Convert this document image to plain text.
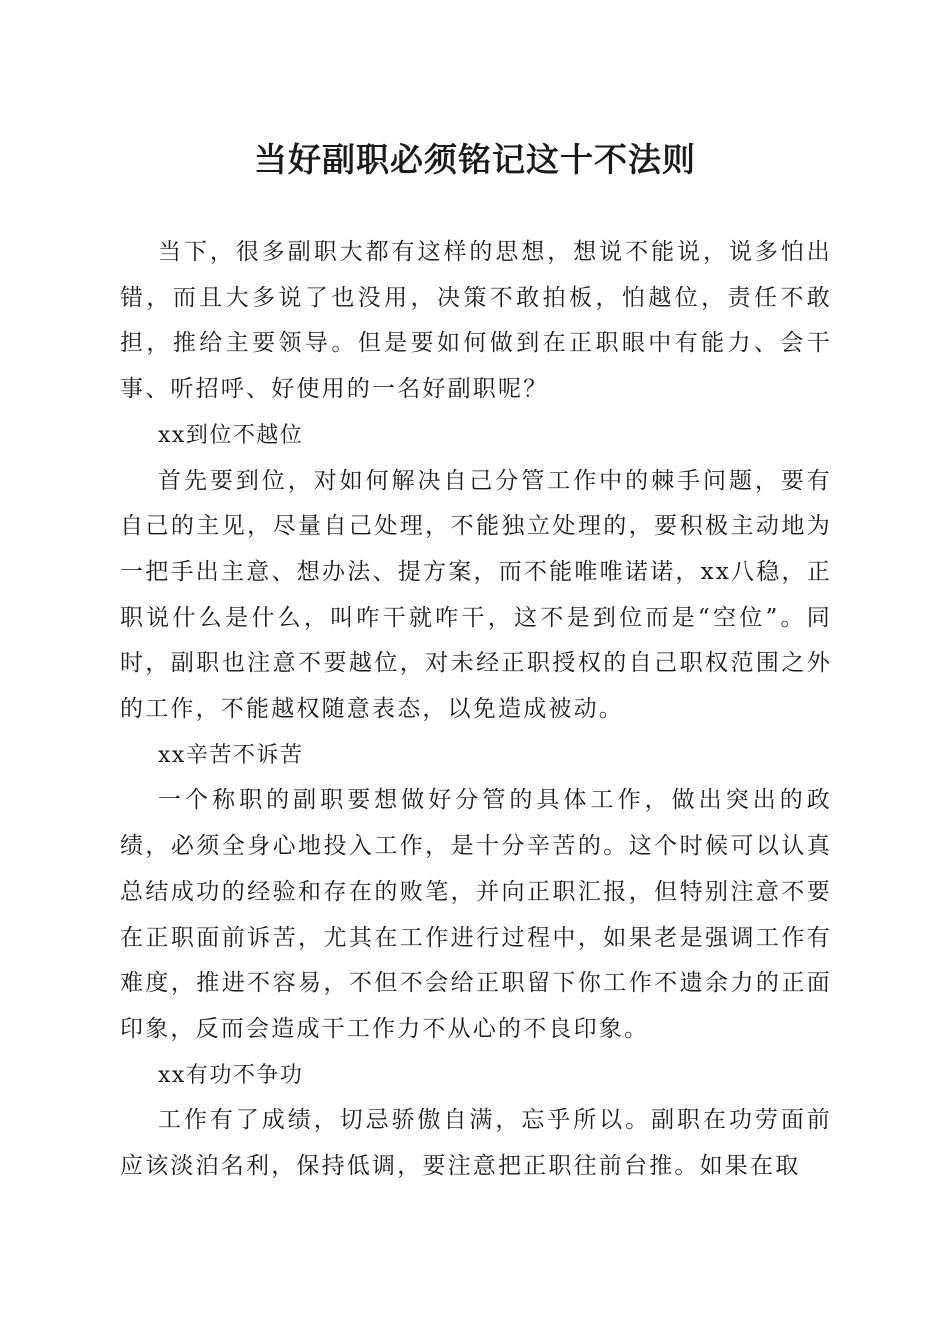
当好副职必须铭记这十不法则

当下，很多副职大都有这样的思想，想说不能说，说多怕出错，而且大多说了也没用，决策不敢拍板，怕越位，责任不敢担，推给主要领导。但是要如何做到在正职眼中有能力、会干事、听招呼、好使用的一名好副职呢？

xx到位不越位

首先要到位，对如何解决自己分管工作中的棘手问题，要有自己的主见，尽量自己处理，不能独立处理的，要积极主动地为一把手出主意、想办法、提方案，而不能唯唯诺诺，xx八稳，正职说什么是什么，叫咋干就咋干，这不是到位而是“空位”。同时，副职也注意不要越位，对未经正职授权的自己职权范围之外的工作，不能越权随意表态，以免造成被动。

xx辛苦不诉苦

一个称职的副职要想做好分管的具体工作，做出突出的政绩，必须全身心地投入工作，是十分辛苦的。这个时候可以认真总结成功的经验和存在的败笔，并向正职汇报，但特别注意不要在正职面前诉苦，尤其在工作进行过程中，如果老是强调工作有难度，推进不容易，不但不会给正职留下你工作不遗余力的正面印象，反而会造成干工作力不从心的不良印象。

xx有功不争功

工作有了成绩，切忌骄傲自满，忘乎所以。副职在功劳面前应该淡泊名利，保持低调，要注意把正职往前台推。如果在取
